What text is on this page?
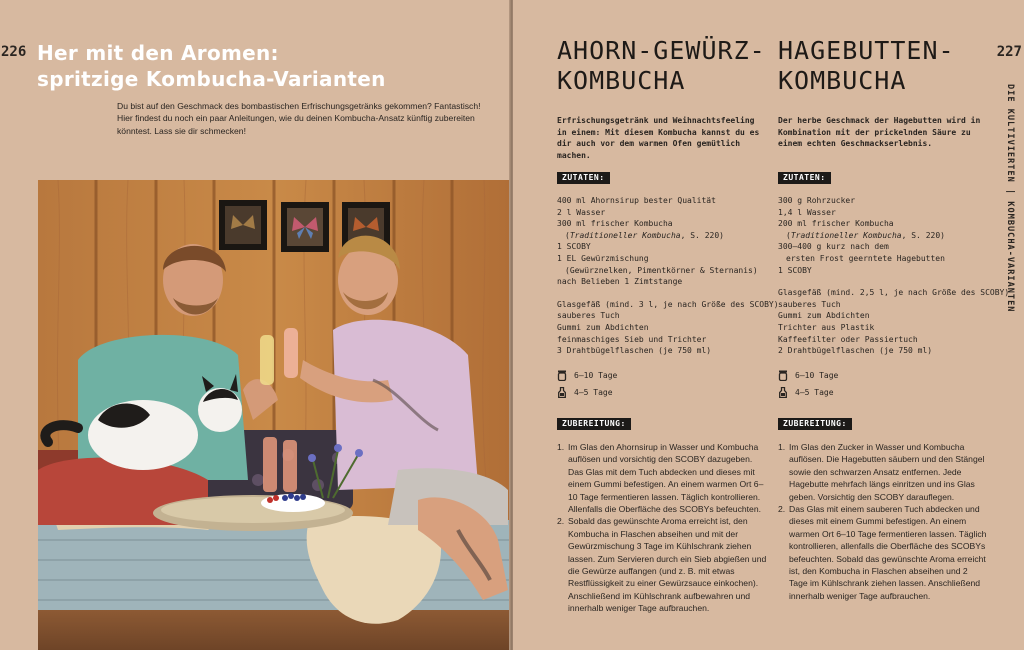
226 Her mit den Aromen:
spritzige Kombucha-Varianten

Du bist auf den Geschmack des bombastischen Erfrischungsgetränks gekommen? Fantastisch! Hier findest du noch ein paar Anleitungen, wie du deinen Kombucha-Ansatz künftig zubereiten könntest. Lass sie dir schmecken!

227
DIE KULTIVIERTEN | KOMBUCHA-VARIANTEN
AHORN-GEWÜRZ-
KOMBUCHA

Erfrischungsgetränk und Weihnachtsfeeling in einem: Mit diesem Kombucha kannst du es dir auch vor dem warmen Ofen gemütlich machen.

ZUTATEN:
400 ml Ahornsirup bester Qualität
2 l Wasser
300 ml frischer Kombucha
(Traditioneller Kombucha, S. 220)
1 SCOBY
1 EL Gewürzmischung
(Gewürznelken, Pimentkörner & Sternanis)
nach Belieben 1 Zimtstange
Glasgefäß (mind. 3 l, je nach Größe des SCOBY)
sauberes Tuch
Gummi zum Abdichten
feinmaschiges Sieb und Trichter
3 Drahtbügelflaschen (je 750 ml)
6–10 Tage
4–5 Tage
ZUBEREITUNG:
1. Im Glas den Ahornsirup in Wasser und Kombucha auflösen und vorsichtig den SCOBY dazugeben. Das Glas mit dem Tuch abdecken und dieses mit einem Gummi befestigen. An einem warmen Ort 6–10 Tage fermentieren lassen. Täglich kontrollieren. Allenfalls die Oberfläche des SCOBYs befeuchten.
2. Sobald das gewünschte Aroma erreicht ist, den Kombucha in Flaschen abseihen und mit der Gewürzmischung 3 Tage im Kühlschrank ziehen lassen. Zum Servieren durch ein Sieb abgießen und die Gewürze auffangen (und z. B. mit etwas Restflüssigkeit zu einer Gewürzsauce einkochen). Anschließend im Kühlschrank aufbewahren und innerhalb weniger Tage aufbrauchen.
HAGEBUTTEN-
KOMBUCHA

Der herbe Geschmack der Hagebutten wird in Kombination mit der prickelnden Säure zu einem echten Geschmackserlebnis.

ZUTATEN:
300 g Rohrzucker
1,4 l Wasser
200 ml frischer Kombucha
(Traditioneller Kombucha, S. 220)
300–400 g kurz nach dem
ersten Frost geerntete Hagebutten
1 SCOBY
Glasgefäß (mind. 2,5 l, je nach Größe des SCOBY)
sauberes Tuch
Gummi zum Abdichten
Trichter aus Plastik
Kaffeefilter oder Passiertuch
2 Drahtbügelflaschen (je 750 ml)
6–10 Tage
4–5 Tage
ZUBEREITUNG:
1. Im Glas den Zucker in Wasser und Kombucha auflösen. Die Hagebutten säubern und den Stängel sowie den schwarzen Ansatz entfernen. Jede Hagebutte mehrfach längs einritzen und ins Glas geben. Vorsichtig den SCOBY darauflegen.
2. Das Glas mit einem sauberen Tuch abdecken und dieses mit einem Gummi befestigen. An einem warmen Ort 6–10 Tage fermentieren lassen. Täglich kontrollieren, allenfalls die Oberfläche des SCOBYs befeuchten. Sobald das gewünschte Aroma erreicht ist, den Kombucha in Flaschen abseihen und 2 Tage im Kühlschrank ziehen lassen. Anschließend innerhalb weniger Tage aufbrauchen.
